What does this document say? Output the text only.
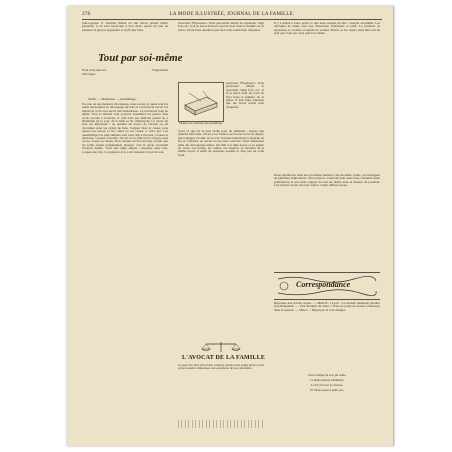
378	LA MODE ILLUSTRÉE, JOURNAL DE LA FAMILLE.
prêt-à-porter. Il vaudrait mieux un fils adroit qu'une étoffe passable; il en sera beaucoup à bon droit. Après un peu de patience le garçon apprendra ce qu'il faut faire.
Tout par soi-même
Pour exécuter les Ouvrages
d'Agrément
Outils. — Matériaux. — Assemblage.
Par une de nos derniers chroniques, nous avons vu quels sont les outils nécessaires au découpage du bois; il convient de savoir les employer et de s'en servir sans maladresse. Le travail est long au début. Tout le monde veut pouvoir assembler les pièces sans avoir recours à l'ouvrier, et cela n'est pas difficile quand on a l'habitude de la scie, de la lime et du vilebrequin. Le choix du bois est important : on prendra du noyer, de l'érable ou du citronnier pour les objets de luxe. Soigner bien la coupe; puis ajuster les pièces et les coller ou les clouer à votre gré. Les assemblages les plus simples sont ceux dits à mi-bois, à tenon et mortaise, à queue d'aronde. On les trace d'abord au crayon, puis on les creuse au ciseau. Pour obtenir un bel ouvrage, il faut que les joints soient parfaitement dressés; c'est là qu'on reconnaît l'ouvrier habile. Voici une règle simple : mesurez deux fois, coupez une fois. La patience et le soin viennent à bout de tout.
troussons l'Espérance. Vous personnel défaut le reprendre vingt fois, etc. et il se placé dont un rond du bois Sous le numéro de la pièce, il faut faire attention que les bords soient bien d'équerre.
Manière de construire une assemblage.
troussons l'Espérance. Vous personnel défaut le reprendre vingt fois, etc. et il se placé dont un rond du bois Sous le numéro de la pièce, il faut faire attention que les bords soient bien d'équerre.
Voici ce qui est le plus facile pour un débutant : prenez une planche bien unie, tracez-y les formes, percez les trous de départ, puis engagez la lame de la scie. Tournez lentement la planche au fur et à mesure, en tenant la scie bien verticale. Vous obtiendrez ainsi des découpures nettes. On finit à la lime douce et au papier de verre. Les boîtes, les cadres, les étagères se montent de la même façon; il suffit de quelques pointes et d'un peu de colle forte.
L'AVOCAT DE LA FAMILLE
Ce que l'on doit savoir des contrats passés sous seing privé et des actes notariés. Réponses aux questions de nos abonnées.
Il y a mieux à faire, après ce que nous venons de dire : essayer soi-même. Les ouvrages de dame sont une distraction charmante et utile. La broderie, la tapisserie, le crochet occupent les soirées d'hiver, et les objets ainsi faits ont un prix que n'ont pas ceux que l'on achète.
Nous publierons dans nos prochains numéros des modèles variés, accompagnés de planches explicatives. Nos lectrices voudront bien nous faire connaître leurs préférences; il sera tenu compte de tous les désirs dans la mesure du possible. Les patrons seront envoyés franco contre timbres-poste.
Correspondance
Réponses aux lettres reçues. — Mme B. à Lyon : Le modèle demandé paraîtra prochainement. — Une abonnée de Tours : Nous ne pouvons donner d'adresses dans le journal. — Mlle L. : Employez la soie d'Alger.
Sous la lampe du soir qui veille,
La main patiente sommeille,
Le fil court sur le canevas,
Et l'heure passe à petits pas.
